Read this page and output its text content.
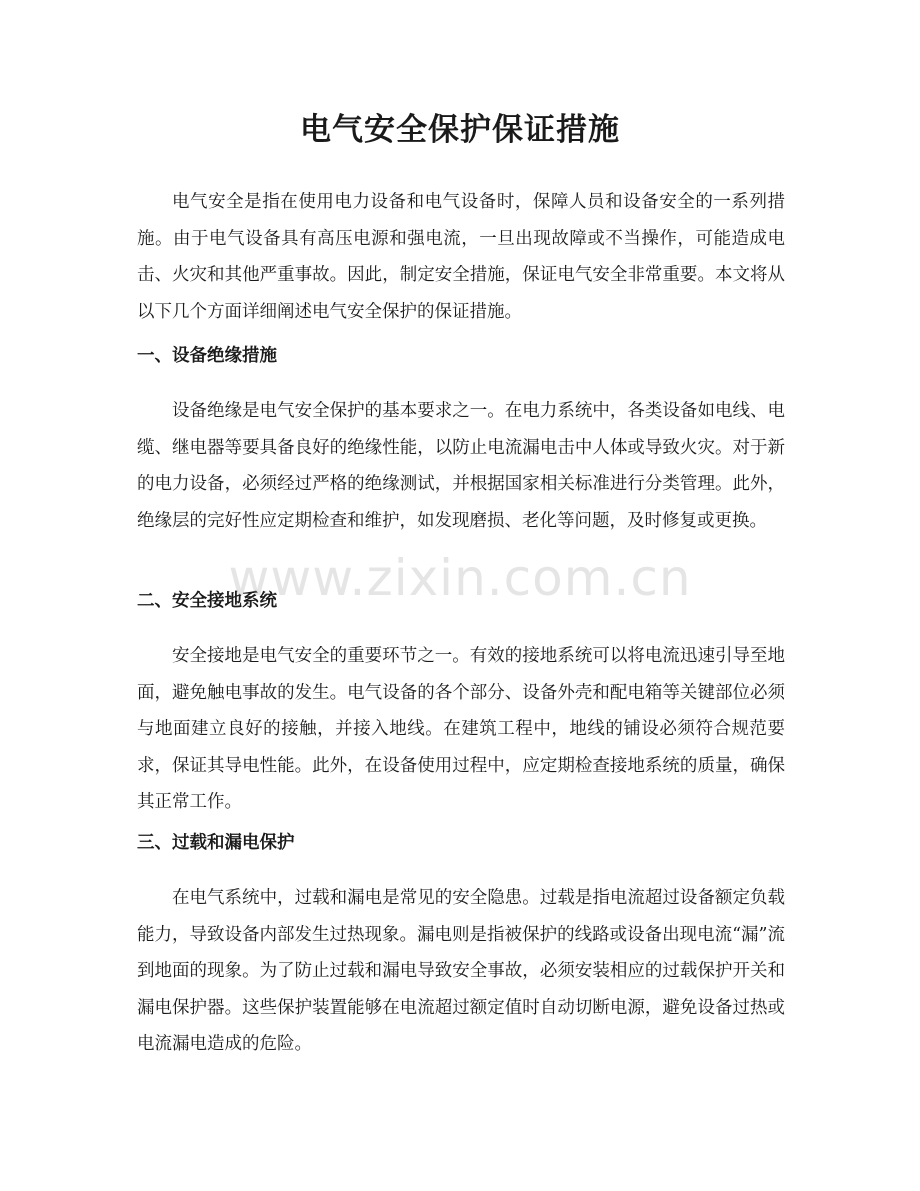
电气安全保护保证措施

电气安全是指在使用电力设备和电气设备时，保障人员和设备安全的一系列措施。由于电气设备具有高压电源和强电流，一旦出现故障或不当操作，可能造成电击、火灾和其他严重事故。因此，制定安全措施，保证电气安全非常重要。本文将从以下几个方面详细阐述电气安全保护的保证措施。

一、设备绝缘措施

设备绝缘是电气安全保护的基本要求之一。在电力系统中，各类设备如电线、电缆、继电器等要具备良好的绝缘性能，以防止电流漏电击中人体或导致火灾。对于新的电力设备，必须经过严格的绝缘测试，并根据国家相关标准进行分类管理。此外，绝缘层的完好性应定期检查和维护，如发现磨损、老化等问题，及时修复或更换。

二、安全接地系统

安全接地是电气安全的重要环节之一。有效的接地系统可以将电流迅速引导至地面，避免触电事故的发生。电气设备的各个部分、设备外壳和配电箱等关键部位必须与地面建立良好的接触，并接入地线。在建筑工程中，地线的铺设必须符合规范要求，保证其导电性能。此外，在设备使用过程中，应定期检查接地系统的质量，确保其正常工作。

三、过载和漏电保护

在电气系统中，过载和漏电是常见的安全隐患。过载是指电流超过设备额定负载能力，导致设备内部发生过热现象。漏电则是指被保护的线路或设备出现电流“漏”流到地面的现象。为了防止过载和漏电导致安全事故，必须安装相应的过载保护开关和漏电保护器。这些保护装置能够在电流超过额定值时自动切断电源，避免设备过热或电流漏电造成的危险。

www.zixin.com.cn
